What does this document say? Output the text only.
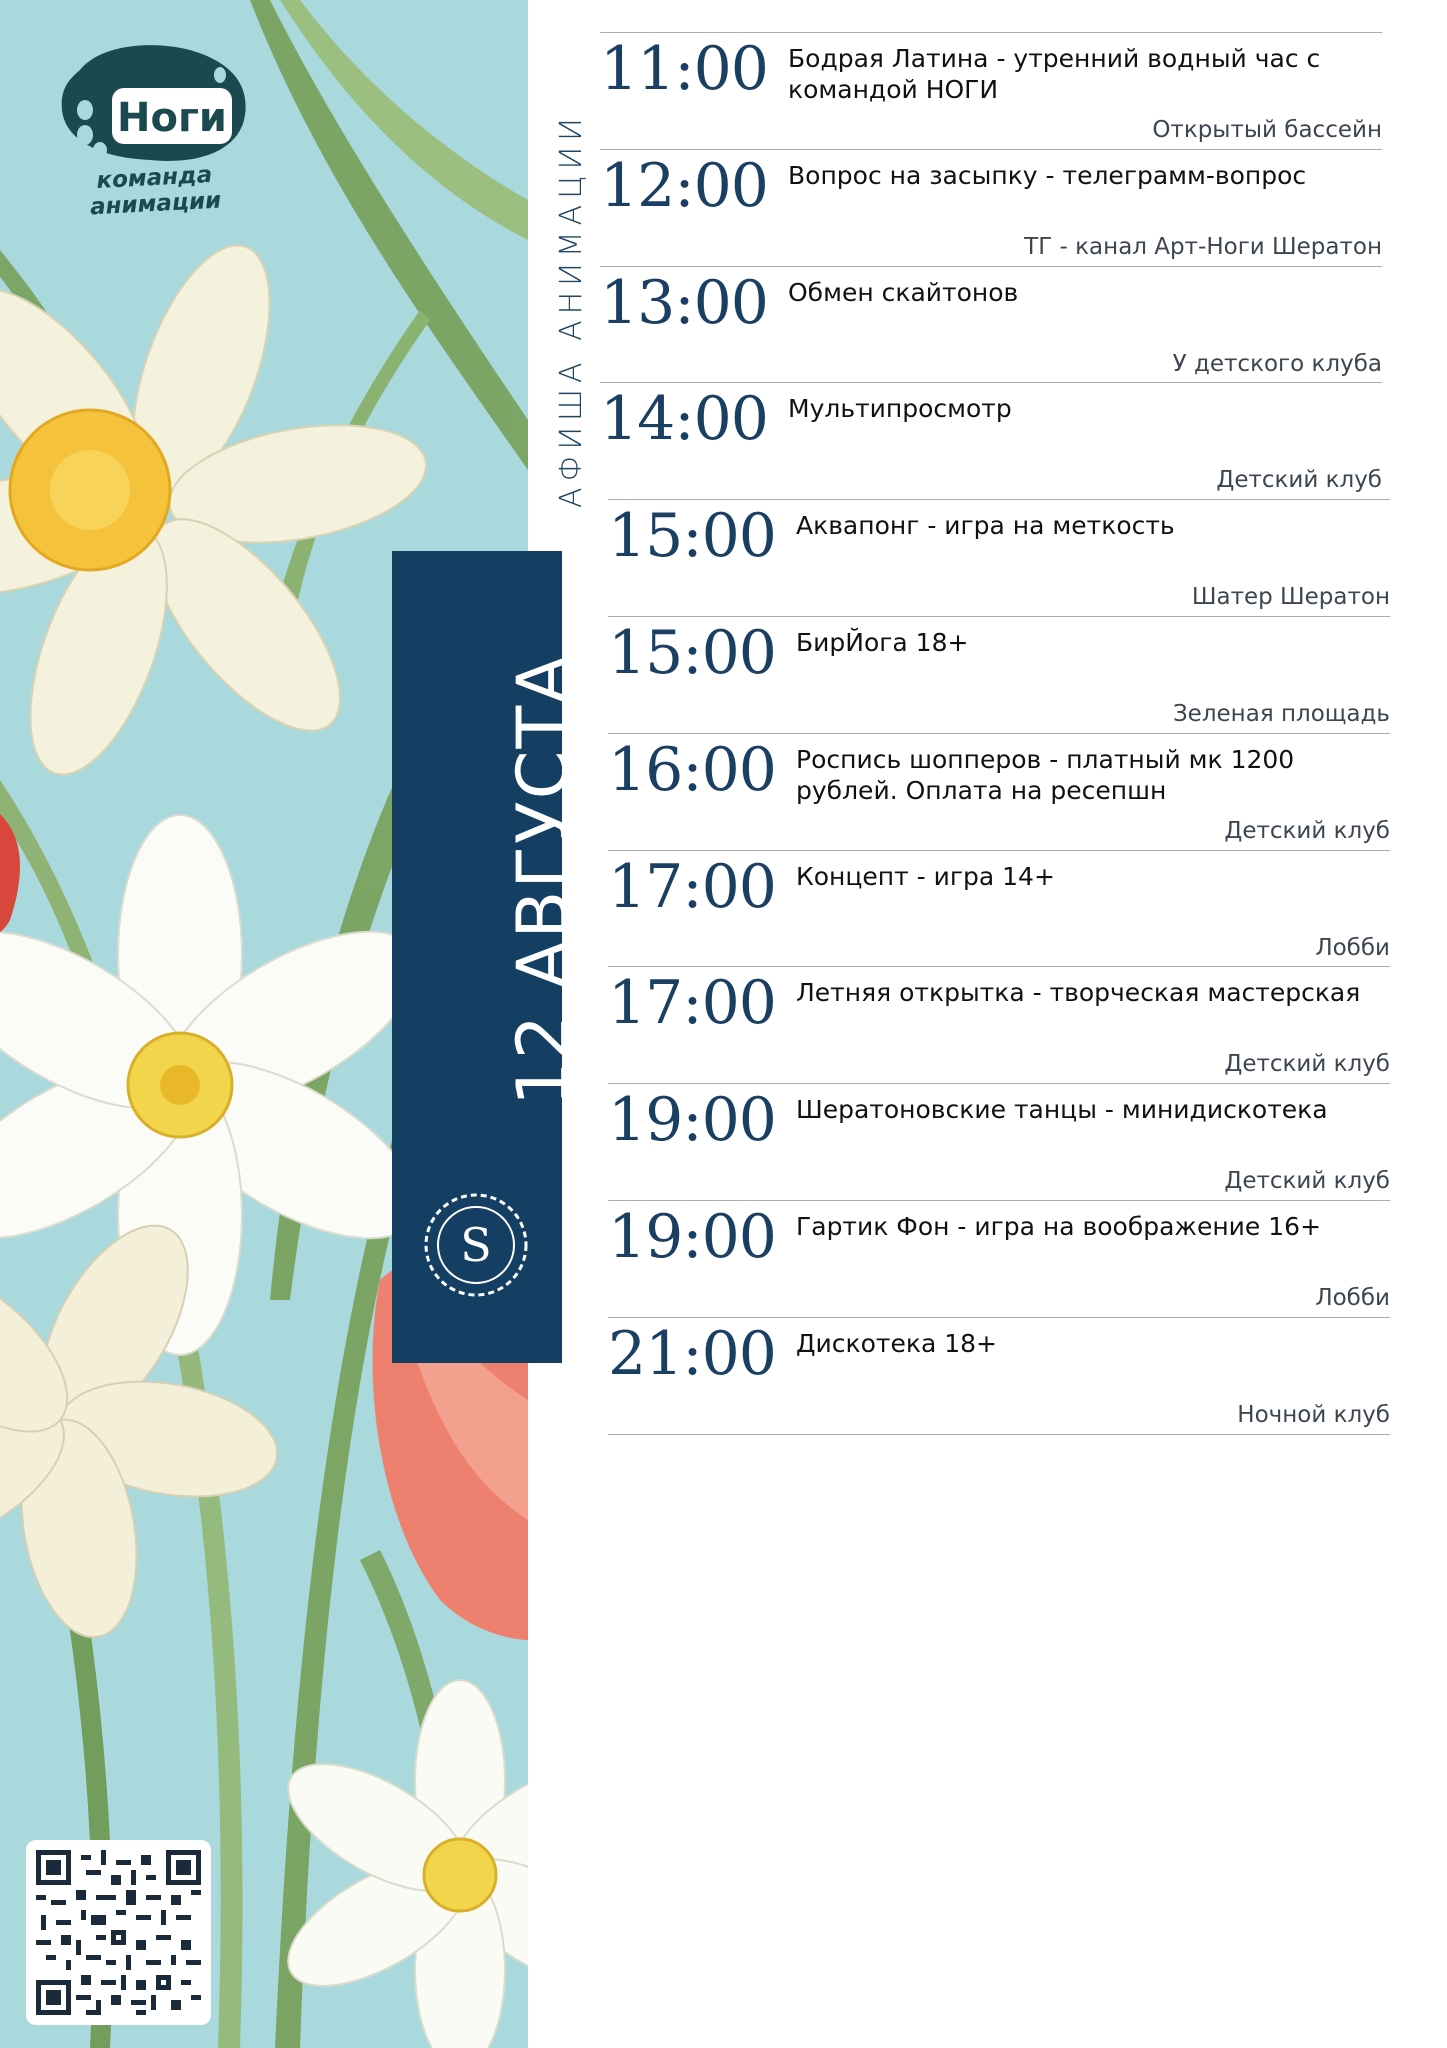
Ноги
команда анимации	АФИША АНИМАЦИИ
12 АВГУСТА
S
11:00 Бодрая Латина - утренний водный час с командой НОГИ
Открытый бассейн
12:00 Вопрос на засыпку - телеграмм-вопрос
ТГ - канал Арт-Ноги Шератон
13:00 Обмен скайтонов
У детского клуба
14:00 Мультипросмотр
Детский клуб
15:00 Аквапонг - игра на меткость
Шатер Шератон
15:00 БирЙога 18+
Зеленая площадь
16:00 Роспись шопперов - платный мк 1200 рублей. Оплата на ресепшн
Детский клуб
17:00 Концепт - игра 14+
Лобби
17:00 Летняя открытка - творческая мастерская
Детский клуб
19:00 Шератоновские танцы - минидискотека
Детский клуб
19:00 Гартик Фон - игра на воображение 16+
Лобби
21:00 Дискотека 18+
Ночной клуб
